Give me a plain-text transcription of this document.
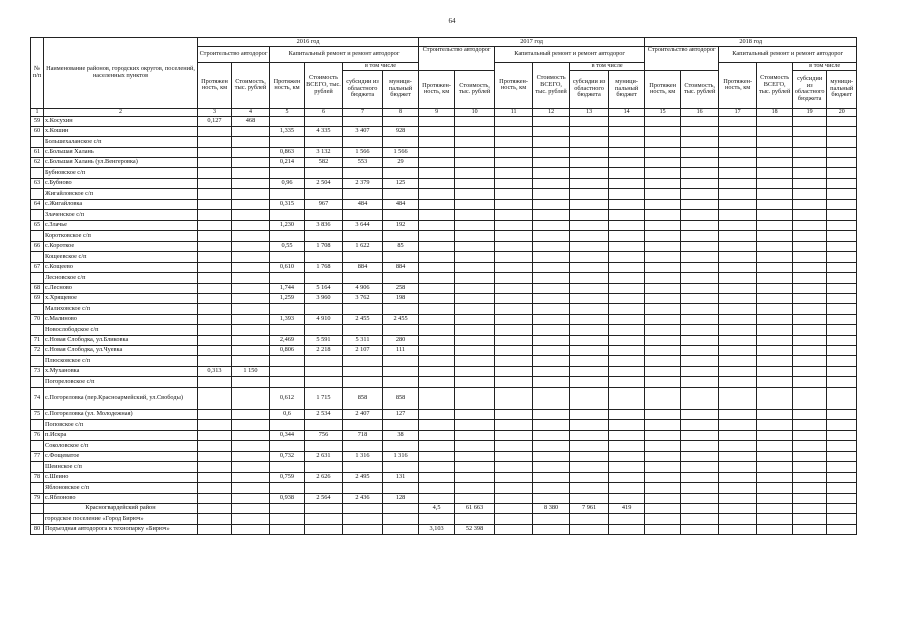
64
№ п/п	Наименование районов, городских округов, поселений, населенных пунктов	2016 год						2017 год						2018 год					
		Строительство автодорог		Капитальный ремонт и ремонт автодорог				Строительство автодорог		Капитальный ремонт и ремонт автодорог				Строительство автодорог		Капитальный ремонт и ремонт автодорог			
		Протяжен ность, км	Стоимость, тыс. рублей	Протяжен ность, км	Стоимость ВСЕГО, тыс. рублей	в том числе				Протяжен- ность, км	Стоимость ВСЕГО, тыс. рублей	в том числе				Протяжен- ность, км	Стоимость ВСЕГО, тыс. рублей	в том числе	
						субсидии из областного бюджета	муници- пальный бюджет	Протяжен- ность, км	Стоимость, тыс. рублей			субсидии из областного бюджета	муници- пальный бюджет	Протяжен ность, км	Стоимость, тыс. рублей			субсидии из областного бюджета	муници- пальный бюджет
1	2	3	4	5	6	7	8	9	10	11	12	13	14	15	16	17	18	19	20
59	х.Косухин	0,127	468																
60	х.Кошин			1,335	4 335	3 407	928												
	Большехаланское с/п																		
61	с.Большая Халань			0,863	3 132	1 566	1 566												
62	с.Большая Халань (ул.Венгеровка)			0,214	582	553	29												
	Бубновское с/п																		
63	с.Бубново			0,96	2 504	2 379	125												
	Жигайловское с/п																		
64	с.Жигайловка			0,315	967	484	484												
	Злаченское с/п																		
65	с.Злачье			1,230	3 836	3 644	192												
	Коротковское с/п																		
66	с.Короткое			0,55	1 708	1 622	85												
	Кощеевское с/п																		
67	с.Кощеево			0,610	1 768	884	884												
	Лесновское с/п																		
68	с.Лесново			1,744	5 164	4 906	258												
69	х.Хрящевое			1,259	3 960	3 762	198												
	Малиховское с/п																		
70	с.Малиново			1,393	4 910	2 455	2 455												
	Новослободское с/п																		
71	с.Новая Слободка, ул.Бликовка			2,469	5 591	5 311	280												
72	с.Новая Слободка, ул.Чуевка			0,806	2 218	2 107	111												
	Плюсковское с/п																		
73	х.Мухановка	0,313	1 150																
	Погореловское с/п																		
74	с.Погореловка (пер.Красноармейский, ул.Свободы)			0,612	1 715	858	858												
75	с.Погореловка (ул. Молодежная)			0,6	2 534	2 407	127												
	Поповское с/п																		
76	п.Искра			0,344	756	718	38												
	Соколовское с/п																		
77	с.Фощеватое			0,732	2 631	1 316	1 316												
	Шеинское с/п																		
78	с.Шеино			0,759	2 626	2 495	131												
	Яблоновское с/п																		
79	с.Яблоново			0,938	2 564	2 436	128												
	Красногвардейский район							4,5	61 663		8 380	7 961	419						
	городское поселение «Город Бирюч»																		
80	Подъездная автодорога к технопарку «Бирюч»							3,103	52 398										
